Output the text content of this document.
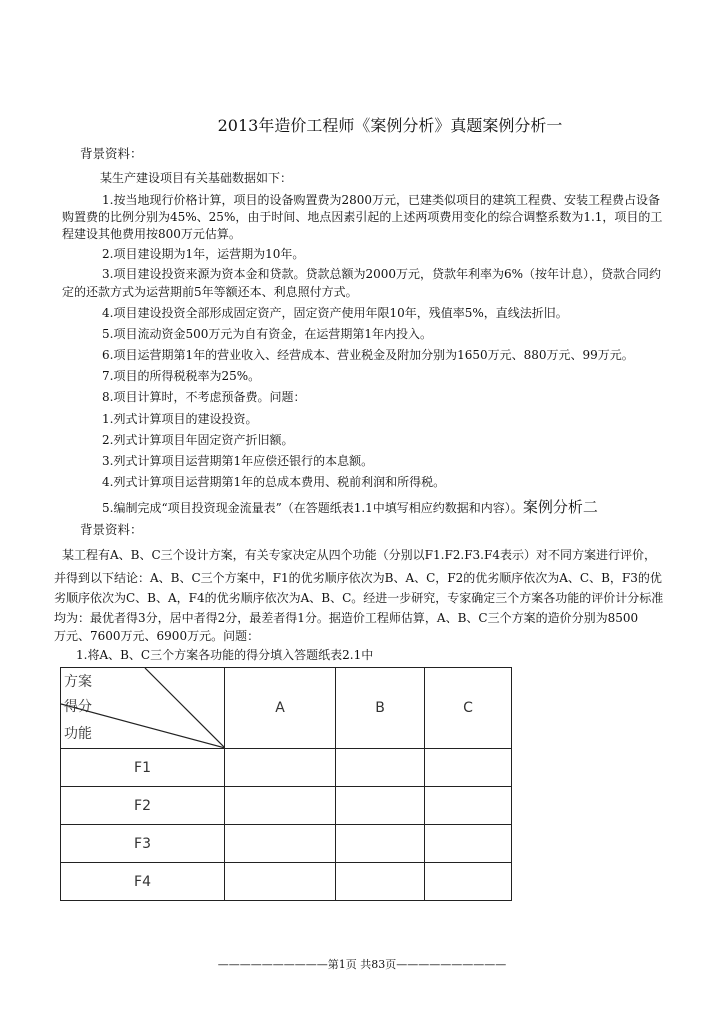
2013年造价工程师《案例分析》真题案例分析一
背景资料：
某生产建设项目有关基础数据如下：
1.按当地现行价格计算，项目的设备购置费为2800万元，已建类似项目的建筑工程费、安装工程费占设备
购置费的比例分别为45%、25%，由于时间、地点因素引起的上述两项费用变化的综合调整系数为1.1，项目的工
程建设其他费用按800万元估算。
2.项目建设期为1年，运营期为10年。
3.项目建设投资来源为资本金和贷款。贷款总额为2000万元，贷款年利率为6%（按年计息），贷款合同约
定的还款方式为运营期前5年等额还本、利息照付方式。
4.项目建设投资全部形成固定资产，固定资产使用年限10年，残值率5%，直线法折旧。
5.项目流动资金500万元为自有资金，在运营期第1年内投入。
6.项目运营期第1年的营业收入、经营成本、营业税金及附加分别为1650万元、880万元、99万元。
7.项目的所得税税率为25%。
8.项目计算时，不考虑预备费。问题：
1.列式计算项目的建设投资。
2.列式计算项目年固定资产折旧额。
3.列式计算项目运营期第1年应偿还银行的本息额。
4.列式计算项目运营期第1年的总成本费用、税前利润和所得税。
5.编制完成“项目投资现金流量表”（在答题纸表1.1中填写相应约数据和内容）。案例分析二
背景资料：
某工程有A、B、C三个设计方案，有关专家决定从四个功能（分别以F1.F2.F3.F4表示）对不同方案进行评价，
并得到以下结论：A、B、C三个方案中，F1的优劣顺序依次为B、A、C，F2的优劣顺序依次为A、C、B，F3的优
劣顺序依次为C、B、A，F4的优劣顺序依次为A、B、C。经进一步研究，专家确定三个方案各功能的评价计分标准
均为：最优者得3分，居中者得2分，最差者得1分。据造价工程师估算，A、B、C三个方案的造价分别为8500
万元、7600万元、6900万元。问题：
1.将A、B、C三个方案各功能的得分填入答题纸表2.1中
方案
得分
功能	A	B	C
F1			
F2			
F3			
F4			
——————————第1页 共83页——————————
